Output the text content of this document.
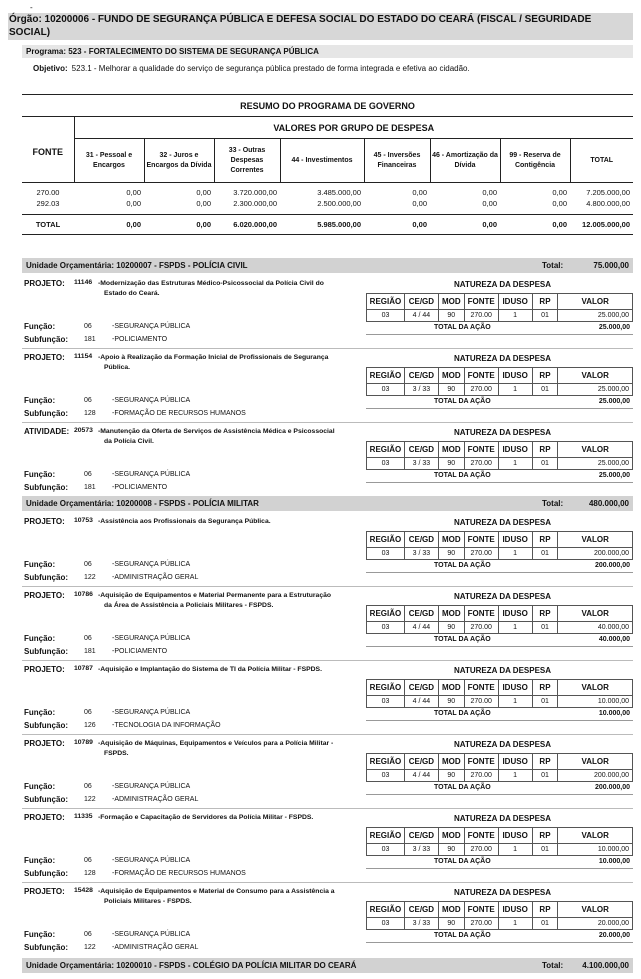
-
Órgão: 10200006 - FUNDO DE SEGURANÇA PÚBLICA E DEFESA SOCIAL DO ESTADO DO CEARÁ (FISCAL / SEGURIDADE SOCIAL)
Programa: 523 - FORTALECIMENTO DO SISTEMA DE SEGURANÇA PÚBLICA
Objetivo: 523.1 - Melhorar a qualidade do serviço de segurança pública prestado de forma integrada e efetiva ao cidadão.
RESUMO DO PROGRAMA DE GOVERNO								
FONTE	VALORES POR GRUPO DE DESPESA							
	31 - Pessoal e Encargos	32 - Juros e Encargos da Dívida	33 - Outras Despesas Correntes	44 - Investimentos	45 - Inversões Financeiras	46 - Amortização da Dívida	99 - Reserva de Contigência	TOTAL

270.00	0,00	0,00	3.720.000,00	3.485.000,00	0,00	0,00	0,00	7.205.000,00
292.03	0,00	0,00	2.300.000,00	2.500.000,00	0,00	0,00	0,00	4.800.000,00

TOTAL	0,00	0,00	6.020.000,00	5.985.000,00	0,00	0,00	0,00	12.005.000,00
Unidade Orçamentária: 10200007 - FSPDS - POLÍCIA CIVIL	Total:	75.000,00
PROJETO: 11146 -Modernização das Estruturas Médico-Psicossocial da Polícia Civil do
Estado do Ceará.
NATUREZA DA DESPESA
REGIÃO	CE/GD	MOD	FONTE	IDUSO	RP	VALOR
03	4 / 44	90	270.00	1	01	25.000,00
TOTAL DA AÇÃO	25.000,00
Função:	06	-SEGURANÇA PÚBLICA
Subfunção: 181 -POLICIAMENTO
PROJETO: 11154 -Apoio à Realização da Formação Inicial de Profissionais de Segurança
Pública.
NATUREZA DA DESPESA
REGIÃO	CE/GD	MOD	FONTE	IDUSO	RP	VALOR
03	3 / 33	90	270.00	1	01	25.000,00
TOTAL DA AÇÃO	25.000,00
Função:	06	-SEGURANÇA PÚBLICA
Subfunção: 128 -FORMAÇÃO DE RECURSOS HUMANOS
ATIVIDADE: 20573 -Manutenção da Oferta de Serviços de Assistência Médica e Psicossocial
da Polícia Civil.
NATUREZA DA DESPESA
REGIÃO	CE/GD	MOD	FONTE	IDUSO	RP	VALOR
03	3 / 33	90	270.00	1	01	25.000,00
TOTAL DA AÇÃO	25.000,00
Função:	06	-SEGURANÇA PÚBLICA
Subfunção: 181 -POLICIAMENTO
Unidade Orçamentária: 10200008 - FSPDS - POLÍCIA MILITAR	Total:	480.000,00
PROJETO: 10753 -Assistência aos Profissionais da Segurança Pública.	NATUREZA DA DESPESA
REGIÃO	CE/GD	MOD	FONTE	IDUSO	RP	VALOR
03	3 / 33	90	270.00	1	01	200.000,00
TOTAL DA AÇÃO	200.000,00
Função:	06	-SEGURANÇA PÚBLICA
Subfunção: 122 -ADMINISTRAÇÃO GERAL
PROJETO: 10786 -Aquisição de Equipamentos e Material Permanente para a Estruturação
da Área de Assistência a Policiais Militares - FSPDS.
NATUREZA DA DESPESA
REGIÃO	CE/GD	MOD	FONTE	IDUSO	RP	VALOR
03	4 / 44	90	270.00	1	01	40.000,00
TOTAL DA AÇÃO	40.000,00
Função:	06	-SEGURANÇA PÚBLICA
Subfunção: 181 -POLICIAMENTO
PROJETO: 10787 -Aquisição e Implantação do Sistema de TI da Polícia Militar - FSPDS.	NATUREZA DA DESPESA
REGIÃO	CE/GD	MOD	FONTE	IDUSO	RP	VALOR
03	4 / 44	90	270.00	1	01	10.000,00
TOTAL DA AÇÃO	10.000,00
Função:	06	-SEGURANÇA PÚBLICA
Subfunção: 126 -TECNOLOGIA DA INFORMAÇÃO
PROJETO: 10789 -Aquisição de Máquinas, Equipamentos e Veículos para a Polícia Militar -
FSPDS.
NATUREZA DA DESPESA
REGIÃO	CE/GD	MOD	FONTE	IDUSO	RP	VALOR
03	4 / 44	90	270.00	1	01	200.000,00
TOTAL DA AÇÃO	200.000,00
Função:	06	-SEGURANÇA PÚBLICA
Subfunção: 122 -ADMINISTRAÇÃO GERAL
PROJETO: 11335 -Formação e Capacitação de Servidores da Polícia Militar - FSPDS.	NATUREZA DA DESPESA
REGIÃO	CE/GD	MOD	FONTE	IDUSO	RP	VALOR
03	3 / 33	90	270.00	1	01	10.000,00
TOTAL DA AÇÃO	10.000,00
Função:	06	-SEGURANÇA PÚBLICA
Subfunção: 128 -FORMAÇÃO DE RECURSOS HUMANOS
PROJETO: 15428 -Aquisição de Equipamentos e Material de Consumo para a Assistência a
Policiais Militares - FSPDS.
NATUREZA DA DESPESA
REGIÃO	CE/GD	MOD	FONTE	IDUSO	RP	VALOR
03	3 / 33	90	270.00	1	01	20.000,00
TOTAL DA AÇÃO	20.000,00
Função:	06	-SEGURANÇA PÚBLICA
Subfunção: 122 -ADMINISTRAÇÃO GERAL
Unidade Orçamentária: 10200010 - FSPDS - COLÉGIO DA POLÍCIA MILITAR DO CEARÁ	Total: 4.100.000,00
